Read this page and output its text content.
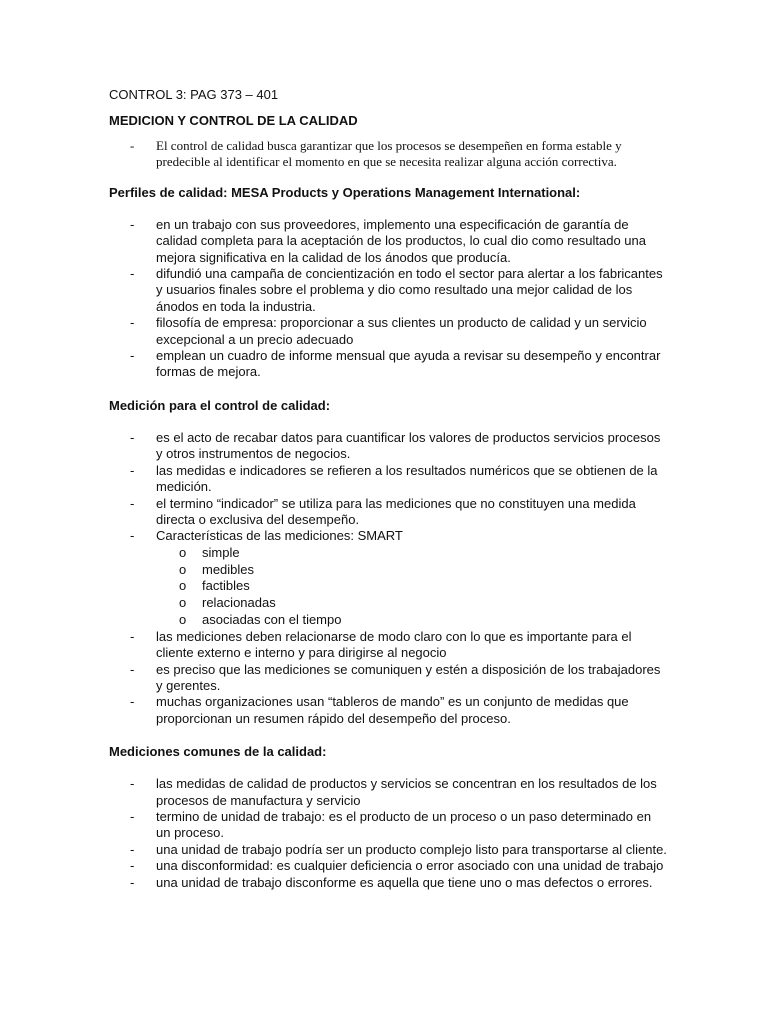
CONTROL 3: PAG 373 – 401

MEDICION Y CONTROL DE LA CALIDAD

- El control de calidad busca garantizar que los procesos se desempeñen en forma estable y predecible al identificar el momento en que se necesita realizar alguna acción correctiva.

Perfiles de calidad: MESA Products y Operations Management International:

- en un trabajo con sus proveedores, implemento una especificación de garantía de calidad completa para la aceptación de los productos, lo cual dio como resultado una mejora significativa en la calidad de los ánodos que producía.
- difundió una campaña de concientización en todo el sector para alertar a los fabricantes y usuarios finales sobre el problema y dio como resultado una mejor calidad de los ánodos en toda la industria.
- filosofía de empresa: proporcionar a sus clientes un producto de calidad y un servicio excepcional a un precio adecuado
- emplean un cuadro de informe mensual que ayuda a revisar su desempeño y encontrar formas de mejora.

Medición para el control de calidad:

- es el acto de recabar datos para cuantificar los valores de productos servicios procesos y otros instrumentos de negocios.
- las medidas e indicadores se refieren a los resultados numéricos que se obtienen de la medición.
- el termino “indicador” se utiliza para las mediciones que no constituyen una medida directa o exclusiva del desempeño.
- Características de las mediciones: SMART
o simple
o medibles
o factibles
o relacionadas
o asociadas con el tiempo
- las mediciones deben relacionarse de modo claro con lo que es importante para el cliente externo e interno y para dirigirse al negocio
- es preciso que las mediciones se comuniquen y estén a disposición de los trabajadores y gerentes.
- muchas organizaciones usan “tableros de mando” es un conjunto de medidas que proporcionan un resumen rápido del desempeño del proceso.

Mediciones comunes de la calidad:

- las medidas de calidad de productos y servicios se concentran en los resultados de los procesos de manufactura y servicio
- termino de unidad de trabajo: es el producto de un proceso o un paso determinado en un proceso.
- una unidad de trabajo podría ser un producto complejo listo para transportarse al cliente.
- una disconformidad: es cualquier deficiencia o error asociado con una unidad de trabajo
- una unidad de trabajo disconforme es aquella que tiene uno o mas defectos o errores.
